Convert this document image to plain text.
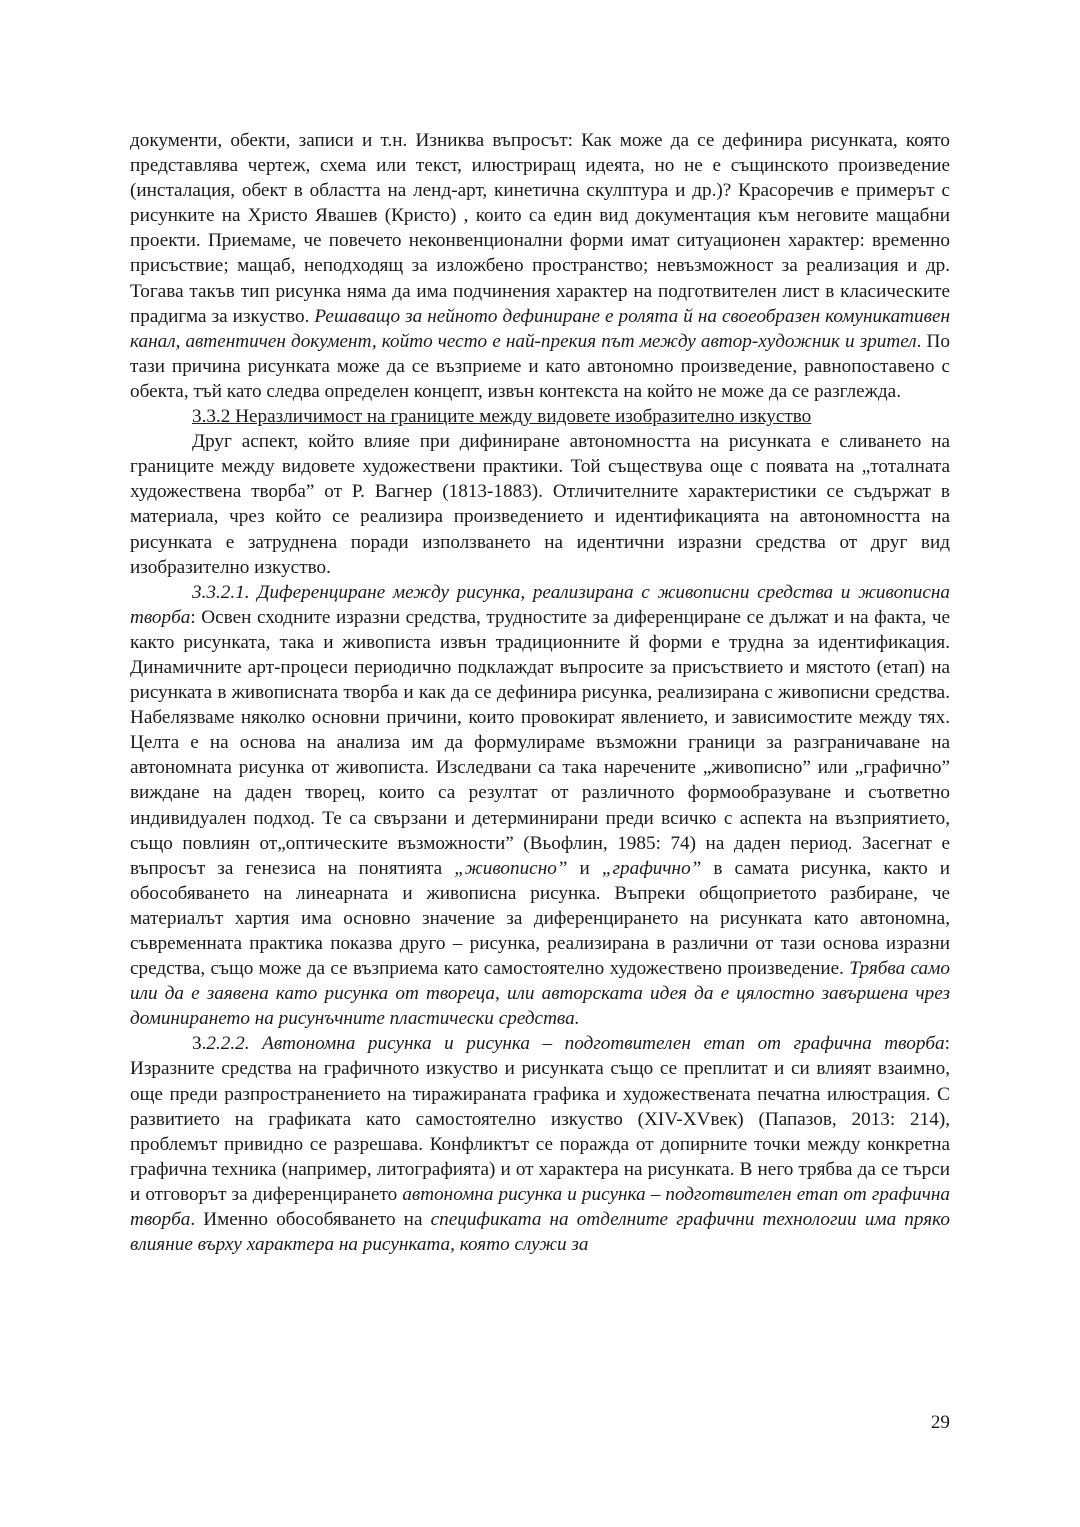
документи, обекти, записи и т.н. Изниква въпросът: Как може да се дефинира рисунката, която представлява чертеж, схема или текст, илюстриращ идеята, но не е същинското произведение (инсталация, обект в областта на ленд-арт, кинетична скулптура и др.)? Красоречив е примерът с рисунките на Христо Явашев (Кристо) , които са един вид документация към неговите мащабни проекти. Приемаме, че повечето неконвенционални форми имат ситуационен характер: временно присъствие; мащаб, неподходящ за изложбено пространство; невъзможност за реализация и др. Тогава такъв тип рисунка няма да има подчинения характер на подготвителен лист в класическите прадигма за изкуство. Решаващо за нейното дефиниране е ролята й на своеобразен комуникативен канал, автентичен документ, който често е най-прекия път между автор-художник и зрител. По тази причина рисунката може да се възприеме и като автономно произведение, равнопоставено с обекта, тъй като следва определен концепт, извън контекста на който не може да се разглежда.

3.3.2 Неразличимост на границите между видовете изобразително изкуство

Друг аспект, който влияе при дифиниране автономността на рисунката е сливането на границите между видовете художествени практики. Той съществува още с появата на „тоталната художествена творба” от Р. Вагнер (1813-1883). Отличителните характеристики се съдържат в материала, чрез който се реализира произведението и идентификацията на автономността на рисунката е затруднена поради използването на идентични изразни средства от друг вид изобразително изкуство.

3.3.2.1. Диференциране между рисунка, реализирана с живописни средства и живописна творба: Освен сходните изразни средства, трудностите за диференциране се дължат и на факта, че както рисунката, така и живописта извън традиционните й форми е трудна за идентификация. Динамичните арт-процеси периодично подклаждат въпросите за присъствието и мястото (етап) на рисунката в живописната творба и как да се дефинира рисунка, реализирана с живописни средства. Набелязваме няколко основни причини, които провокират явлението, и зависимостите между тях. Целта е на основа на анализа им да формулираме възможни граници за разграничаване на автономната рисунка от живописта. Изследвани са така наречените „живописно” или „графично” виждане на даден творец, които са резултат от различното формообразуване и съответно индивидуален подход. Те са свързани и детерминирани преди всичко с аспекта на възприятието, също повлиян от„оптическите възможности” (Вьофлин, 1985: 74) на даден период. Засегнат е въпросът за генезиса на понятията „живописно” и „графично” в самата рисунка, както и обособяването на линеарната и живописна рисунка. Въпреки общоприетото разбиране, че материалът хартия има основно значение за диференцирането на рисунката като автономна, съвременната практика показва друго – рисунка, реализирана в различни от тази основа изразни средства, също може да се възприема като самостоятелно художествено произведение. Трябва само или да е заявена като рисунка от твореца, или авторската идея да е цялостно завършена чрез доминирането на рисунъчните пластически средства.

3.2.2.2. Автономна рисунка и рисунка – подготвителен етап от графична творба: Изразните средства на графичното изкуство и рисунката също се преплитат и си влияят взаимно, още преди разпространението на тиражираната графика и художествената печатна илюстрация. С развитието на графиката като самостоятелно изкуство (XIV-XVвек) (Папазов, 2013: 214), проблемът привидно се разрешава. Конфликтът се поражда от допирните точки между конкретна графична техника (например, литографията) и от характера на рисунката. В него трябва да се търси и отговорът за диференцирането автономна рисунка и рисунка – подготвителен етап от графична творба. Именно обособяването на спецификата на отделните графични технологии има пряко влияние върху характера на рисунката, която служи за

29
